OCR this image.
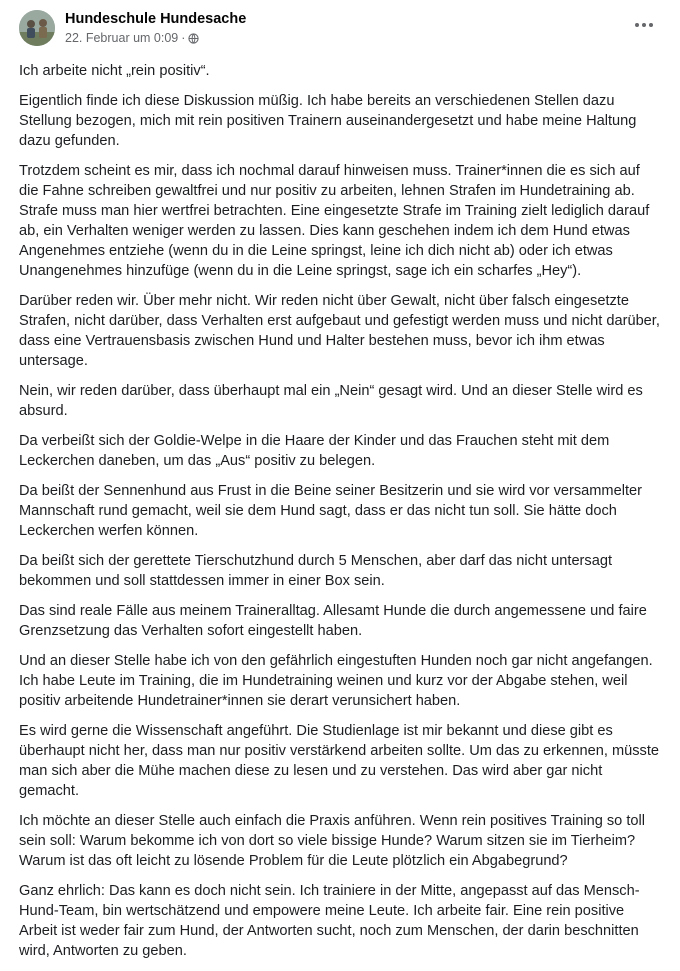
Hundeschule Hundesache
22. Februar um 0:09 ·

Ich arbeite nicht „rein positiv“.

Eigentlich finde ich diese Diskussion müßig. Ich habe bereits an verschiedenen Stellen dazu Stellung bezogen, mich mit rein positiven Trainern auseinandergesetzt und habe meine Haltung dazu gefunden.

Trotzdem scheint es mir, dass ich nochmal darauf hinweisen muss. Trainer*innen die es sich auf die Fahne schreiben gewaltfrei und nur positiv zu arbeiten, lehnen Strafen im Hundetraining ab. Strafe muss man hier wertfrei betrachten. Eine eingesetzte Strafe im Training zielt lediglich darauf ab, ein Verhalten weniger werden zu lassen. Dies kann geschehen indem ich dem Hund etwas Angenehmes entziehe (wenn du in die Leine springst, leine ich dich nicht ab) oder ich etwas Unangenehmes hinzufüge (wenn du in die Leine springst, sage ich ein scharfes „Hey“).

Darüber reden wir. Über mehr nicht. Wir reden nicht über Gewalt, nicht über falsch eingesetzte Strafen, nicht darüber, dass Verhalten erst aufgebaut und gefestigt werden muss und nicht darüber, dass eine Vertrauensbasis zwischen Hund und Halter bestehen muss, bevor ich ihm etwas untersage.

Nein, wir reden darüber, dass überhaupt mal ein „Nein“ gesagt wird. Und an dieser Stelle wird es absurd.

Da verbeißt sich der Goldie-Welpe in die Haare der Kinder und das Frauchen steht mit dem Leckerchen daneben, um das „Aus“ positiv zu belegen.

Da beißt der Sennenhund aus Frust in die Beine seiner Besitzerin und sie wird vor versammelter Mannschaft rund gemacht, weil sie dem Hund sagt, dass er das nicht tun soll. Sie hätte doch Leckerchen werfen können.

Da beißt sich der gerettete Tierschutzhund durch 5 Menschen, aber darf das nicht untersagt bekommen und soll stattdessen immer in einer Box sein.

Das sind reale Fälle aus meinem Traineralltag. Allesamt Hunde die durch angemessene und faire Grenzsetzung das Verhalten sofort eingestellt haben.

Und an dieser Stelle habe ich von den gefährlich eingestuften Hunden noch gar nicht angefangen. Ich habe Leute im Training, die im Hundetraining weinen und kurz vor der Abgabe stehen, weil positiv arbeitende Hundetrainer*innen sie derart verunsichert haben.

Es wird gerne die Wissenschaft angeführt. Die Studienlage ist mir bekannt und diese gibt es überhaupt nicht her, dass man nur positiv verstärkend arbeiten sollte. Um das zu erkennen, müsste man sich aber die Mühe machen diese zu lesen und zu verstehen. Das wird aber gar nicht gemacht.

Ich möchte an dieser Stelle auch einfach die Praxis anführen. Wenn rein positives Training so toll sein soll: Warum bekomme ich von dort so viele bissige Hunde? Warum sitzen sie im Tierheim? Warum ist das oft leicht zu lösende Problem für die Leute plötzlich ein Abgabegrund?

Ganz ehrlich: Das kann es doch nicht sein. Ich trainiere in der Mitte, angepasst auf das Mensch-Hund-Team, bin wertschätzend und empowere meine Leute. Ich arbeite fair. Eine rein positive Arbeit ist weder fair zum Hund, der Antworten sucht, noch zum Menschen, der darin beschnitten wird, Antworten zu geben.
